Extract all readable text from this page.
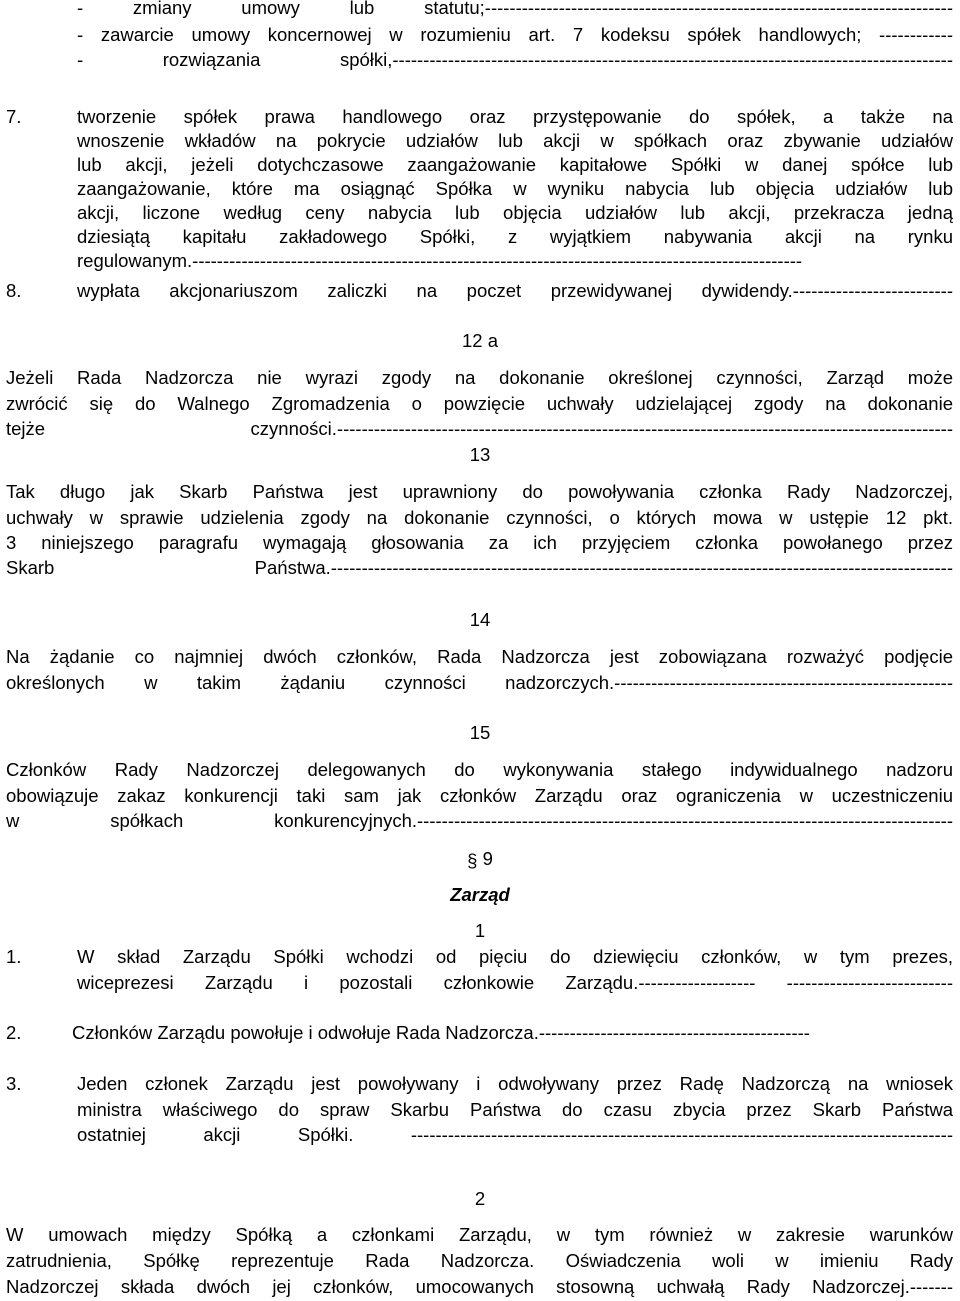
- zmiany umowy lub statutu;----------------------------------------------------------------------------
- zawarcie umowy koncernowej w rozumieniu art. 7 kodeksu spółek handlowych; ------------
- rozwiązania spółki,-------------------------------------------------------------------------------------------
7.	tworzenie spółek prawa handlowego oraz przystępowanie do spółek, a także na
wnoszenie wkładów na pokrycie udziałów lub akcji w spółkach oraz zbywanie udziałów
lub akcji, jeżeli dotychczasowe zaangażowanie kapitałowe Spółki w danej spółce lub
zaangażowanie, które ma osiągnąć Spółka w wyniku nabycia lub objęcia udziałów lub
akcji, liczone według ceny nabycia lub objęcia udziałów lub akcji, przekracza jedną
dziesiątą kapitału zakładowego Spółki, z wyjątkiem nabywania akcji na rynku
regulowanym.---------------------------------------------------------------------------------------------------
8.	wypłata akcjonariuszom zaliczki na poczet przewidywanej dywidendy.--------------------------
12 a
Jeżeli Rada Nadzorcza nie wyrazi zgody na dokonanie określonej czynności, Zarząd może
zwrócić się do Walnego Zgromadzenia o powzięcie uchwały udzielającej zgody na dokonanie
tejże czynności.----------------------------------------------------------------------------------------------------
13
Tak długo jak Skarb Państwa jest uprawniony do powoływania członka Rady Nadzorczej,
uchwały w sprawie udzielenia zgody na dokonanie czynności, o których mowa w ustępie 12 pkt.
3 niniejszego paragrafu wymagają głosowania za ich przyjęciem członka powołanego przez
Skarb Państwa.-----------------------------------------------------------------------------------------------------
14
Na żądanie co najmniej dwóch członków, Rada Nadzorcza jest zobowiązana rozważyć podjęcie
określonych w takim żądaniu czynności nadzorczych.-------------------------------------------------------
15
Członków Rady Nadzorczej delegowanych do wykonywania stałego indywidualnego nadzoru
obowiązuje zakaz konkurencji taki sam jak członków Zarządu oraz ograniczenia w uczestniczeniu
w spółkach konkurencyjnych.---------------------------------------------------------------------------------------
§ 9
Zarząd
1
1.	W skład Zarządu Spółki wchodzi od pięciu do dziewięciu członków, w tym prezes,
wiceprezesi Zarządu i pozostali członkowie Zarządu.------------------- ---------------------------
2.	Członków Zarządu powołuje i odwołuje Rada Nadzorcza.--------------------------------------------
3.	Jeden członek Zarządu jest powoływany i odwoływany przez Radę Nadzorczą na wniosek
ministra właściwego do spraw Skarbu Państwa do czasu zbycia przez Skarb Państwa
ostatniej akcji Spółki. ----------------------------------------------------------------------------------------
2
W umowach między Spółką a członkami Zarządu, w tym również w zakresie warunków
zatrudnienia, Spółkę reprezentuje Rada Nadzorcza. Oświadczenia woli w imieniu Rady
Nadzorczej składa dwóch jej członków, umocowanych stosowną uchwałą Rady Nadzorczej.-------
